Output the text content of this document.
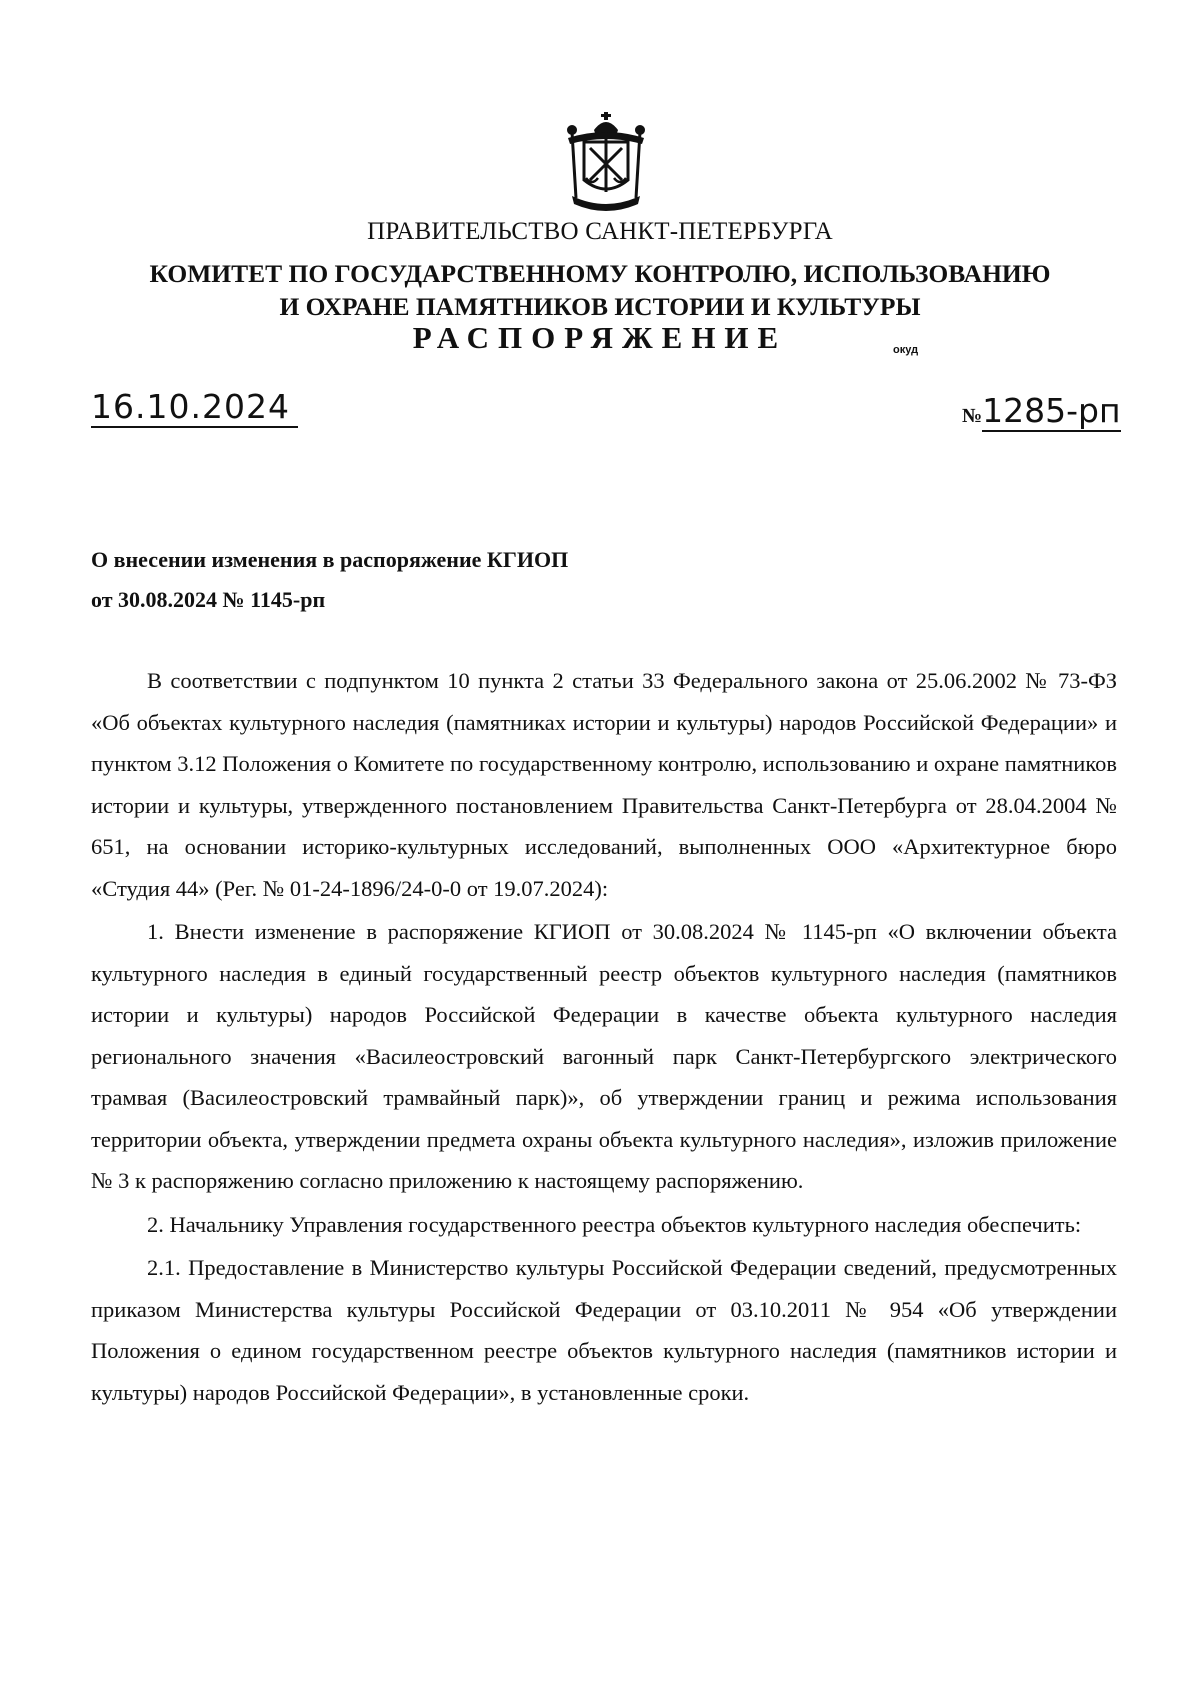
ПРАВИТЕЛЬСТВО САНКТ-ПЕТЕРБУРГА
КОМИТЕТ ПО ГОСУДАРСТВЕННОМУ КОНТРОЛЮ, ИСПОЛЬЗОВАНИЮ
И ОХРАНЕ ПАМЯТНИКОВ ИСТОРИИ И КУЛЬТУРЫ
РАСПОРЯЖЕНИЕ	окуд
16.10.2024	№1285-рп
О внесении изменения в распоряжение КГИОП
от 30.08.2024 № 1145-рп

В соответствии с подпунктом 10 пункта 2 статьи 33 Федерального закона от 25.06.2002 № 73-ФЗ «Об объектах культурного наследия (памятниках истории и культуры) народов Российской Федерации» и пунктом 3.12 Положения о Комитете по государственному контролю, использованию и охране памятников истории и культуры, утвержденного постановлением Правительства Санкт-Петербурга от 28.04.2004 № 651, на основании историко-культурных исследований, выполненных ООО «Архитектурное бюро «Студия 44» (Рег. № 01-24-1896/24-0-0 от 19.07.2024):

1. Внести изменение в распоряжение КГИОП от 30.08.2024 № 1145-рп «О включении объекта культурного наследия в единый государственный реестр объектов культурного наследия (памятников истории и культуры) народов Российской Федерации в качестве объекта культурного наследия регионального значения «Василеостровский вагонный парк Санкт-Петербургского электрического трамвая (Василеостровский трамвайный парк)», об утверждении границ и режима использования территории объекта, утверждении предмета охраны объекта культурного наследия», изложив приложение № 3 к распоряжению согласно приложению к настоящему распоряжению.

2. Начальнику Управления государственного реестра объектов культурного наследия обеспечить:

2.1. Предоставление в Министерство культуры Российской Федерации сведений, предусмотренных приказом Министерства культуры Российской Федерации от 03.10.2011 № 954 «Об утверждении Положения о едином государственном реестре объектов культурного наследия (памятников истории и культуры) народов Российской Федерации», в установленные сроки.
